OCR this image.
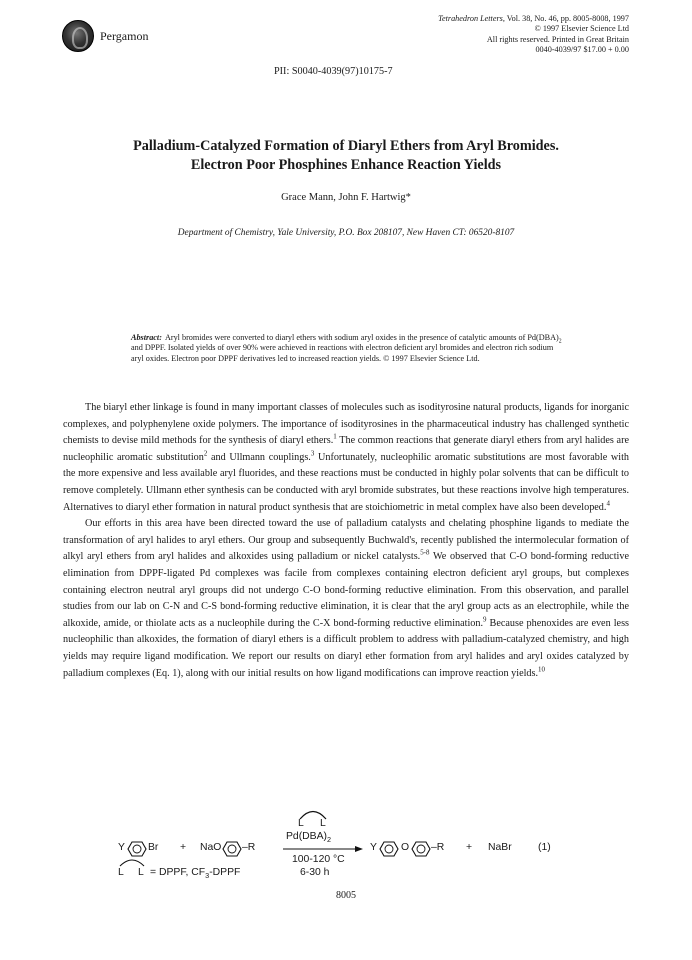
Pergamon
Tetrahedron Letters, Vol. 38, No. 46, pp. 8005-8008, 1997
© 1997 Elsevier Science Ltd
All rights reserved. Printed in Great Britain
0040-4039/97 $17.00 + 0.00
PII: S0040-4039(97)10175-7
Palladium-Catalyzed Formation of Diaryl Ethers from Aryl Bromides.
Electron Poor Phosphines Enhance Reaction Yields
Grace Mann, John F. Hartwig*
Department of Chemistry, Yale University, P.O. Box 208107, New Haven CT: 06520-8107
Abstract: Aryl bromides were converted to diaryl ethers with sodium aryl oxides in the presence of catalytic amounts of $Pd(DBA)_2$ and DPPF. Isolated yields of over 90% were achieved in reactions with electron deficient aryl bromides and electron rich sodium aryl oxides. Electron poor DPPF derivatives led to increased reaction yields. © 1997 Elsevier Science Ltd.

The biaryl ether linkage is found in many important classes of molecules such as isodityrosine natural products, ligands for inorganic complexes, and polyphenylene oxide polymers. The importance of isodityrosines in the pharmaceutical industry has challenged synthetic chemists to devise mild methods for the synthesis of diaryl ethers.$^1$ The common reactions that generate diaryl ethers from aryl halides are nucleophilic aromatic substitution$^2$ and Ullmann couplings.$^3$ Unfortunately, nucleophilic aromatic substitutions are most favorable with the more expensive and less available aryl fluorides, and these reactions must be conducted in highly polar solvents that can be difficult to remove completely. Ullmann ether synthesis can be conducted with aryl bromide substrates, but these reactions involve high temperatures. Alternatives to diaryl ether formation in natural product synthesis that are stoichiometric in metal complex have also been developed.$^4$

Our efforts in this area have been directed toward the use of palladium catalysts and chelating phosphine ligands to mediate the transformation of aryl halides to aryl ethers. Our group and subsequently Buchwald's, recently published the intermolecular formation of alkyl aryl ethers from aryl halides and alkoxides using palladium or nickel catalysts.$^{5-8}$ We observed that C-O bond-forming reductive elimination from DPPF-ligated Pd complexes was facile from complexes containing electron deficient aryl groups, but complexes containing electron neutral aryl groups did not undergo C-O bond-forming reductive elimination. From this observation, and parallel studies from our lab on C-N and C-S bond-forming reductive elimination, it is clear that the aryl group acts as an electrophile, while the alkoxide, amide, or thiolate acts as a nucleophile during the C-X bond-forming reductive elimination.$^9$ Because phenoxides are even less nucleophilic than alkoxides, the formation of diaryl ethers is a difficult problem to address with palladium-catalyzed chemistry, and high yields may require ligand modification. We report our results on diaryl ether formation from aryl halides and aryl oxides catalyzed by palladium complexes (Eq. 1), along with our initial results on how ligand modifications can improve reaction yields.$^{10}$

L L
$Pd(DBA)_2$
Y Br + NaO –R
100-120 °C
6-30 h
Y O –R + NaBr	(1)
L L = DPPF, $CF_3$-DPPF
8005
